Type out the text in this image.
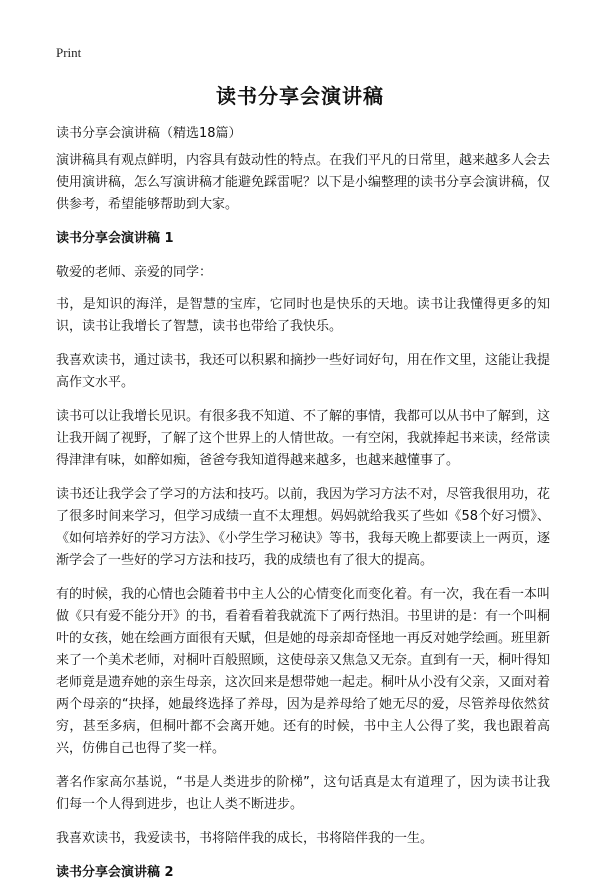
Print
读书分享会演讲稿

读书分享会演讲稿（精选18篇）

演讲稿具有观点鲜明，内容具有鼓动性的特点。在我们平凡的日常里，越来越多人会去使用演讲稿，怎么写演讲稿才能避免踩雷呢？以下是小编整理的读书分享会演讲稿，仅供参考，希望能够帮助到大家。

读书分享会演讲稿 1

敬爱的老师、亲爱的同学：

书，是知识的海洋，是智慧的宝库，它同时也是快乐的天地。读书让我懂得更多的知识，读书让我增长了智慧，读书也带给了我快乐。

我喜欢读书，通过读书，我还可以积累和摘抄一些好词好句，用在作文里，这能让我提高作文水平。

读书可以让我增长见识。有很多我不知道、不了解的事情，我都可以从书中了解到，这让我开阔了视野，了解了这个世界上的人情世故。一有空闲，我就捧起书来读，经常读得津津有味，如醉如痴，爸爸夸我知道得越来越多，也越来越懂事了。

读书还让我学会了学习的方法和技巧。以前，我因为学习方法不对，尽管我很用功，花了很多时间来学习，但学习成绩一直不太理想。妈妈就给我买了些如《58个好习惯》、《如何培养好的学习方法》、《小学生学习秘诀》等书，我每天晚上都要读上一两页，逐渐学会了一些好的学习方法和技巧，我的成绩也有了很大的提高。

有的时候，我的心情也会随着书中主人公的心情变化而变化着。有一次，我在看一本叫做《只有爱不能分开》的书，看着看着我就流下了两行热泪。书里讲的是：有一个叫桐叶的女孩，她在绘画方面很有天赋，但是她的母亲却奇怪地一再反对她学绘画。班里新来了一个美术老师，对桐叶百般照顾，这使母亲又焦急又无奈。直到有一天，桐叶得知老师竟是遗弃她的亲生母亲，这次回来是想带她一起走。桐叶从小没有父亲，又面对着两个母亲的“抉择，她最终选择了养母，因为是养母给了她无尽的爱，尽管养母依然贫穷，甚至多病，但桐叶都不会离开她。还有的时候，书中主人公得了奖，我也跟着高兴，仿佛自己也得了奖一样。

著名作家高尔基说，“书是人类进步的阶梯”，这句话真是太有道理了，因为读书让我们每一个人得到进步，也让人类不断进步。

我喜欢读书，我爱读书，书将陪伴我的成长，书将陪伴我的一生。

读书分享会演讲稿 2
